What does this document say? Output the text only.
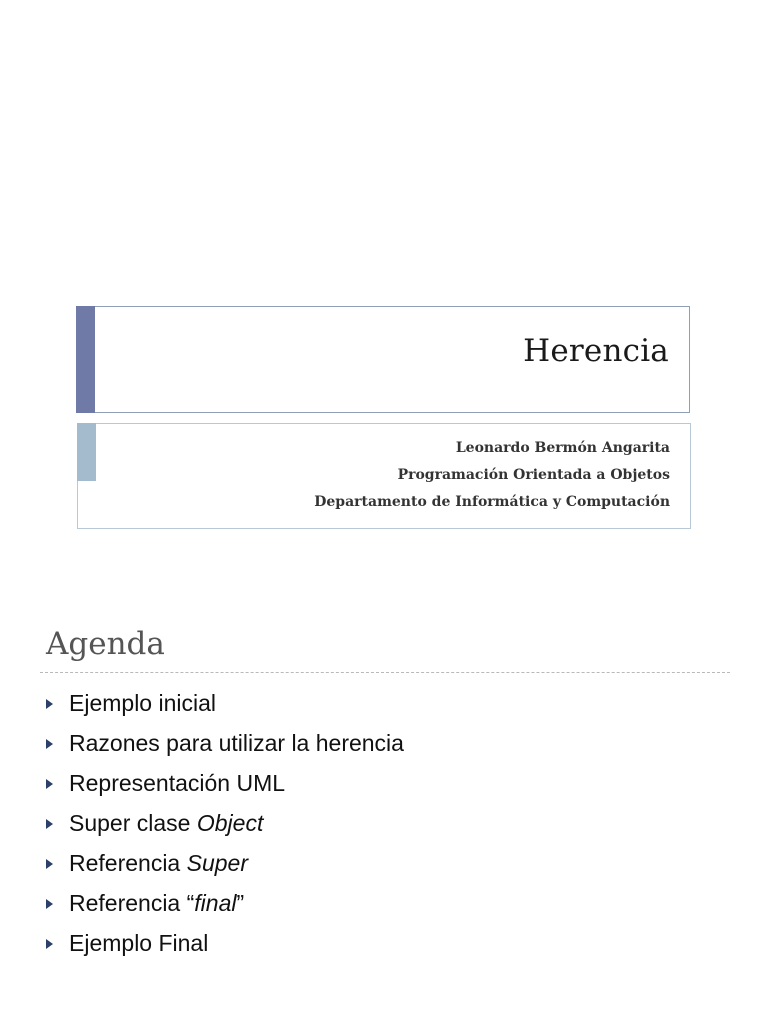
Herencia
Leonardo Bermón Angarita
Programación Orientada a Objetos
Departamento de Informática y Computación
Agenda
Ejemplo inicial
Razones para utilizar la herencia
Representación UML
Super clase Object
Referencia Super
Referencia “final”
Ejemplo Final
